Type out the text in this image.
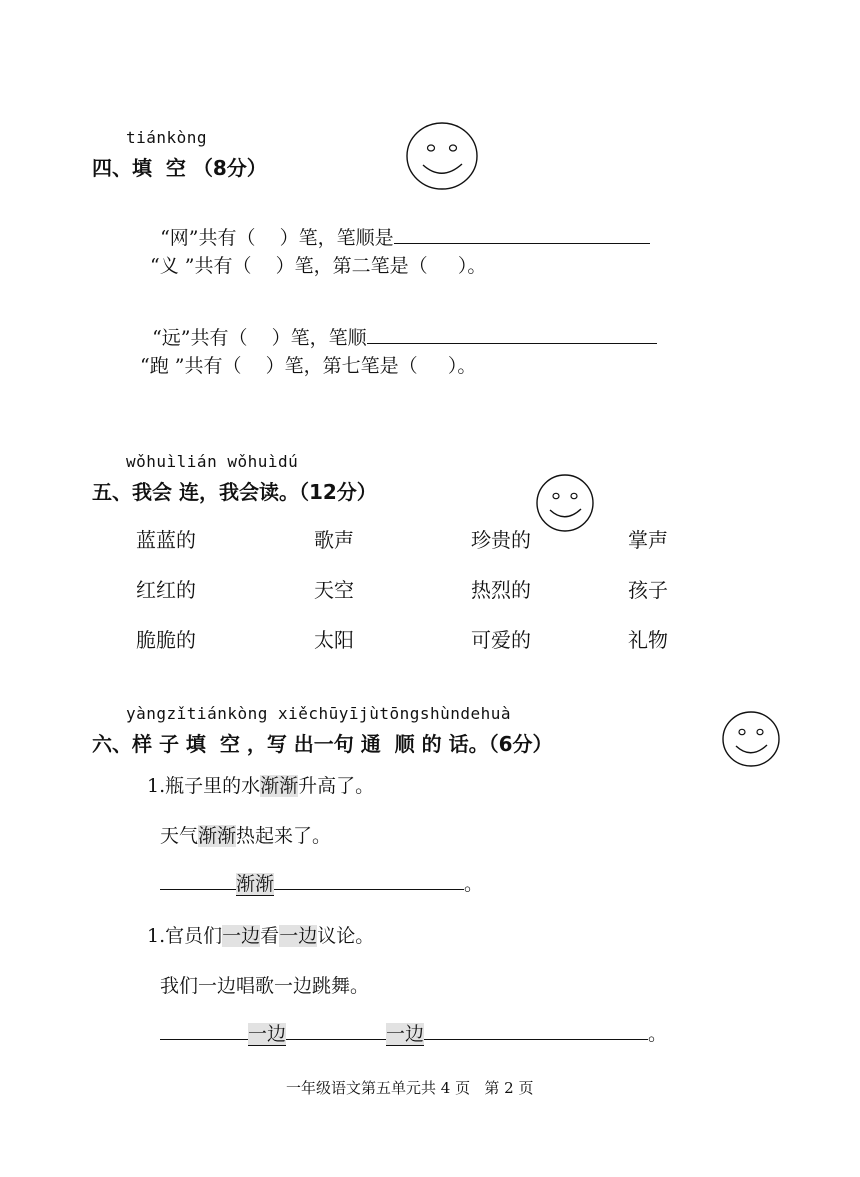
tiánkòng
四、填  空 （8分）

“网”共有（    ）笔，笔顺是

“义 ”共有（    ）笔，第二笔是（     ）。

“远”共有（    ）笔，笔顺

“跑 ”共有（    ）笔，第七笔是（     ）。
wǒhuìlián wǒhuìdú
五、我会 连，我会读。（12分）
蓝蓝的	歌声	珍贵的	掌声
红红的	天空	热烈的	孩子
脆脆的	太阳	可爱的	礼物
yàngzǐtiánkòng xiěchūyījùtōngshùndehuà
六、样 子 填  空 ，写 出一句 通  顺 的 话。（6分）
1.瓶子里的水渐渐升高了。
天气渐渐热起来了。
渐渐	。
1.官员们一边看一边议论。
我们一边唱歌一边跳舞。
一边	一边	。
一年级语文第五单元共 4 页   第 2 页
